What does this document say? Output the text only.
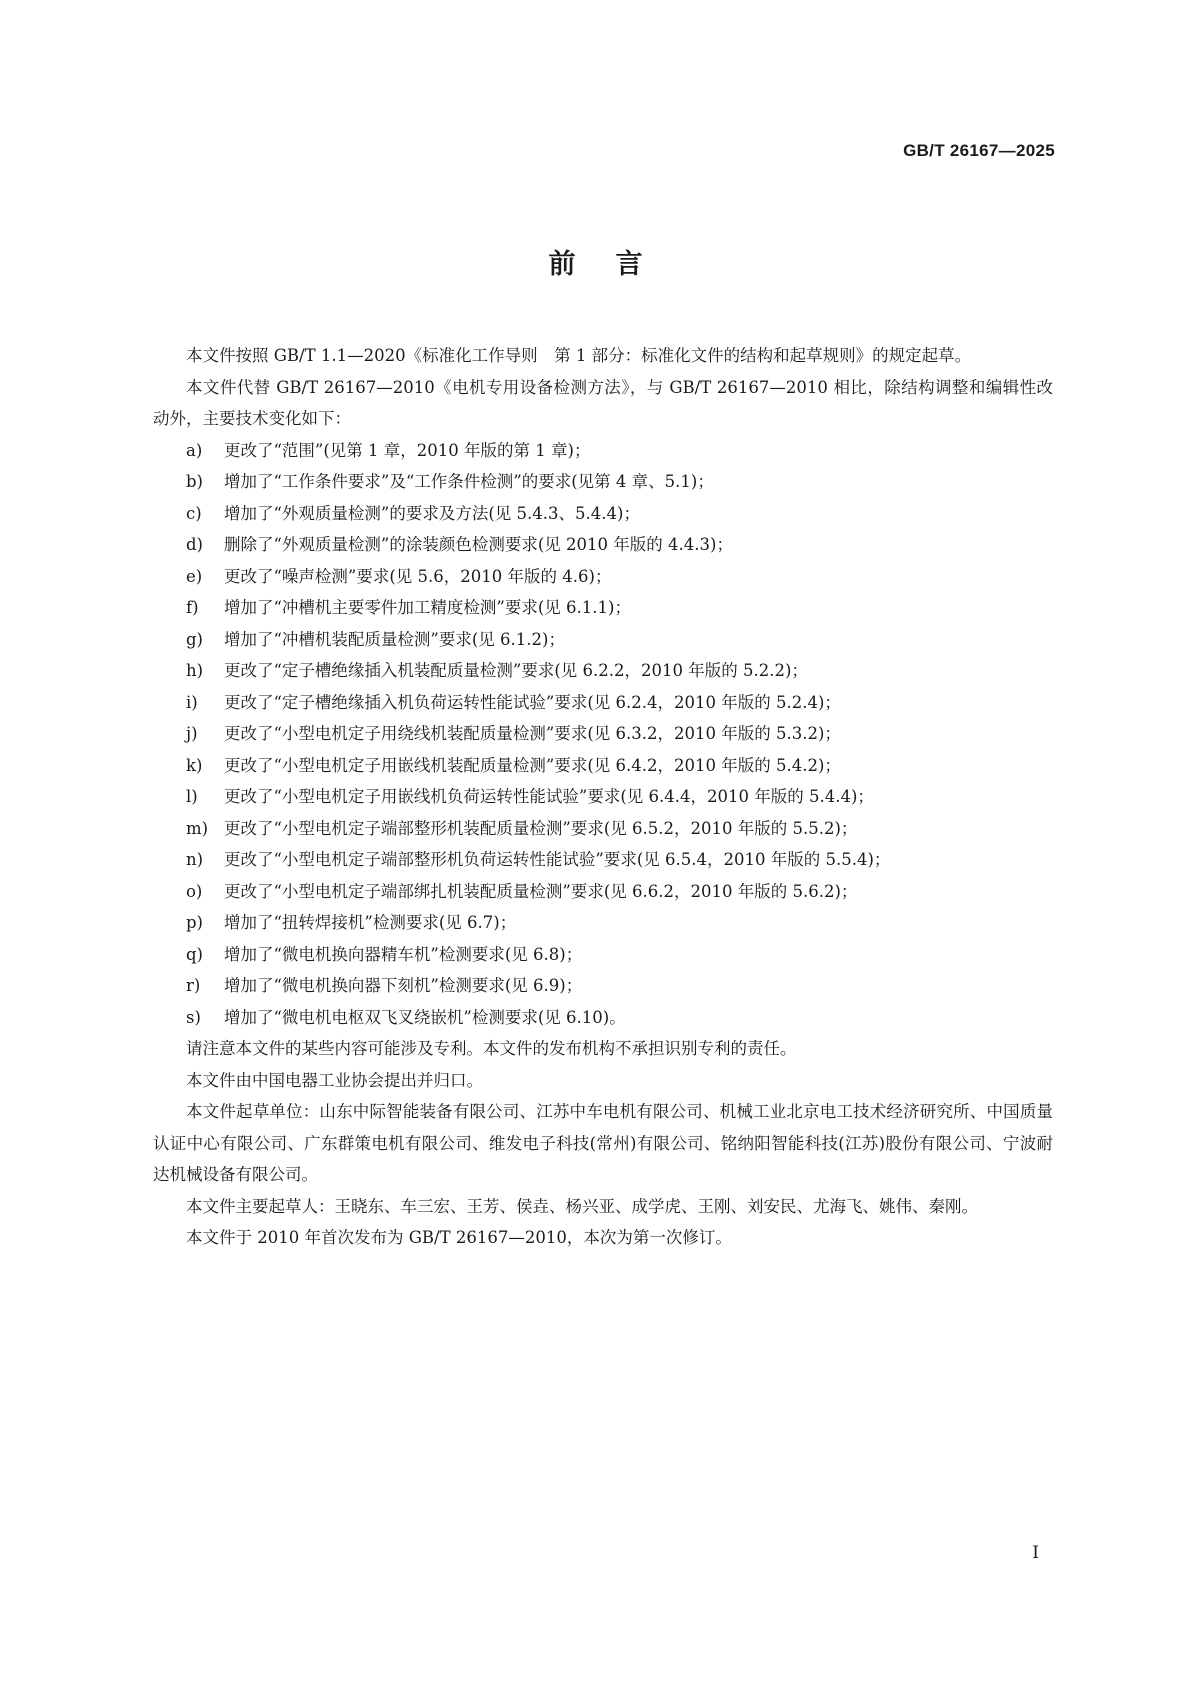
GB/T 26167—2025
前言

本文件按照 GB/T 1.1—2020《标准化工作导则　第 1 部分：标准化文件的结构和起草规则》的规定起草。

本文件代替 GB/T 26167—2010《电机专用设备检测方法》，与 GB/T 26167—2010 相比，除结构调整和编辑性改动外，主要技术变化如下：

a) 更改了“范围”(见第 1 章，2010 年版的第 1 章)；

b) 增加了“工作条件要求”及“工作条件检测”的要求(见第 4 章、5.1)；

c) 增加了“外观质量检测”的要求及方法(见 5.4.3、5.4.4)；

d) 删除了“外观质量检测”的涂装颜色检测要求(见 2010 年版的 4.4.3)；

e) 更改了“噪声检测”要求(见 5.6，2010 年版的 4.6)；

f) 增加了“冲槽机主要零件加工精度检测”要求(见 6.1.1)；

g) 增加了“冲槽机装配质量检测”要求(见 6.1.2)；

h) 更改了“定子槽绝缘插入机装配质量检测”要求(见 6.2.2，2010 年版的 5.2.2)；

i) 更改了“定子槽绝缘插入机负荷运转性能试验”要求(见 6.2.4，2010 年版的 5.2.4)；

j) 更改了“小型电机定子用绕线机装配质量检测”要求(见 6.3.2，2010 年版的 5.3.2)；

k) 更改了“小型电机定子用嵌线机装配质量检测”要求(见 6.4.2，2010 年版的 5.4.2)；

l) 更改了“小型电机定子用嵌线机负荷运转性能试验”要求(见 6.4.4，2010 年版的 5.4.4)；

m) 更改了“小型电机定子端部整形机装配质量检测”要求(见 6.5.2，2010 年版的 5.5.2)；

n) 更改了“小型电机定子端部整形机负荷运转性能试验”要求(见 6.5.4，2010 年版的 5.5.4)；

o) 更改了“小型电机定子端部绑扎机装配质量检测”要求(见 6.6.2，2010 年版的 5.6.2)；

p) 增加了“扭转焊接机”检测要求(见 6.7)；

q) 增加了“微电机换向器精车机”检测要求(见 6.8)；

r) 增加了“微电机换向器下刻机”检测要求(见 6.9)；

s) 增加了“微电机电枢双飞叉绕嵌机”检测要求(见 6.10)。

请注意本文件的某些内容可能涉及专利。本文件的发布机构不承担识别专利的责任。

本文件由中国电器工业协会提出并归口。

本文件起草单位：山东中际智能装备有限公司、江苏中车电机有限公司、机械工业北京电工技术经济研究所、中国质量认证中心有限公司、广东群策电机有限公司、维发电子科技(常州)有限公司、铭纳阳智能科技(江苏)股份有限公司、宁波耐达机械设备有限公司。

本文件主要起草人：王晓东、车三宏、王芳、侯垚、杨兴亚、成学虎、王刚、刘安民、尤海飞、姚伟、秦刚。

本文件于 2010 年首次发布为 GB/T 26167—2010，本次为第一次修订。

I
